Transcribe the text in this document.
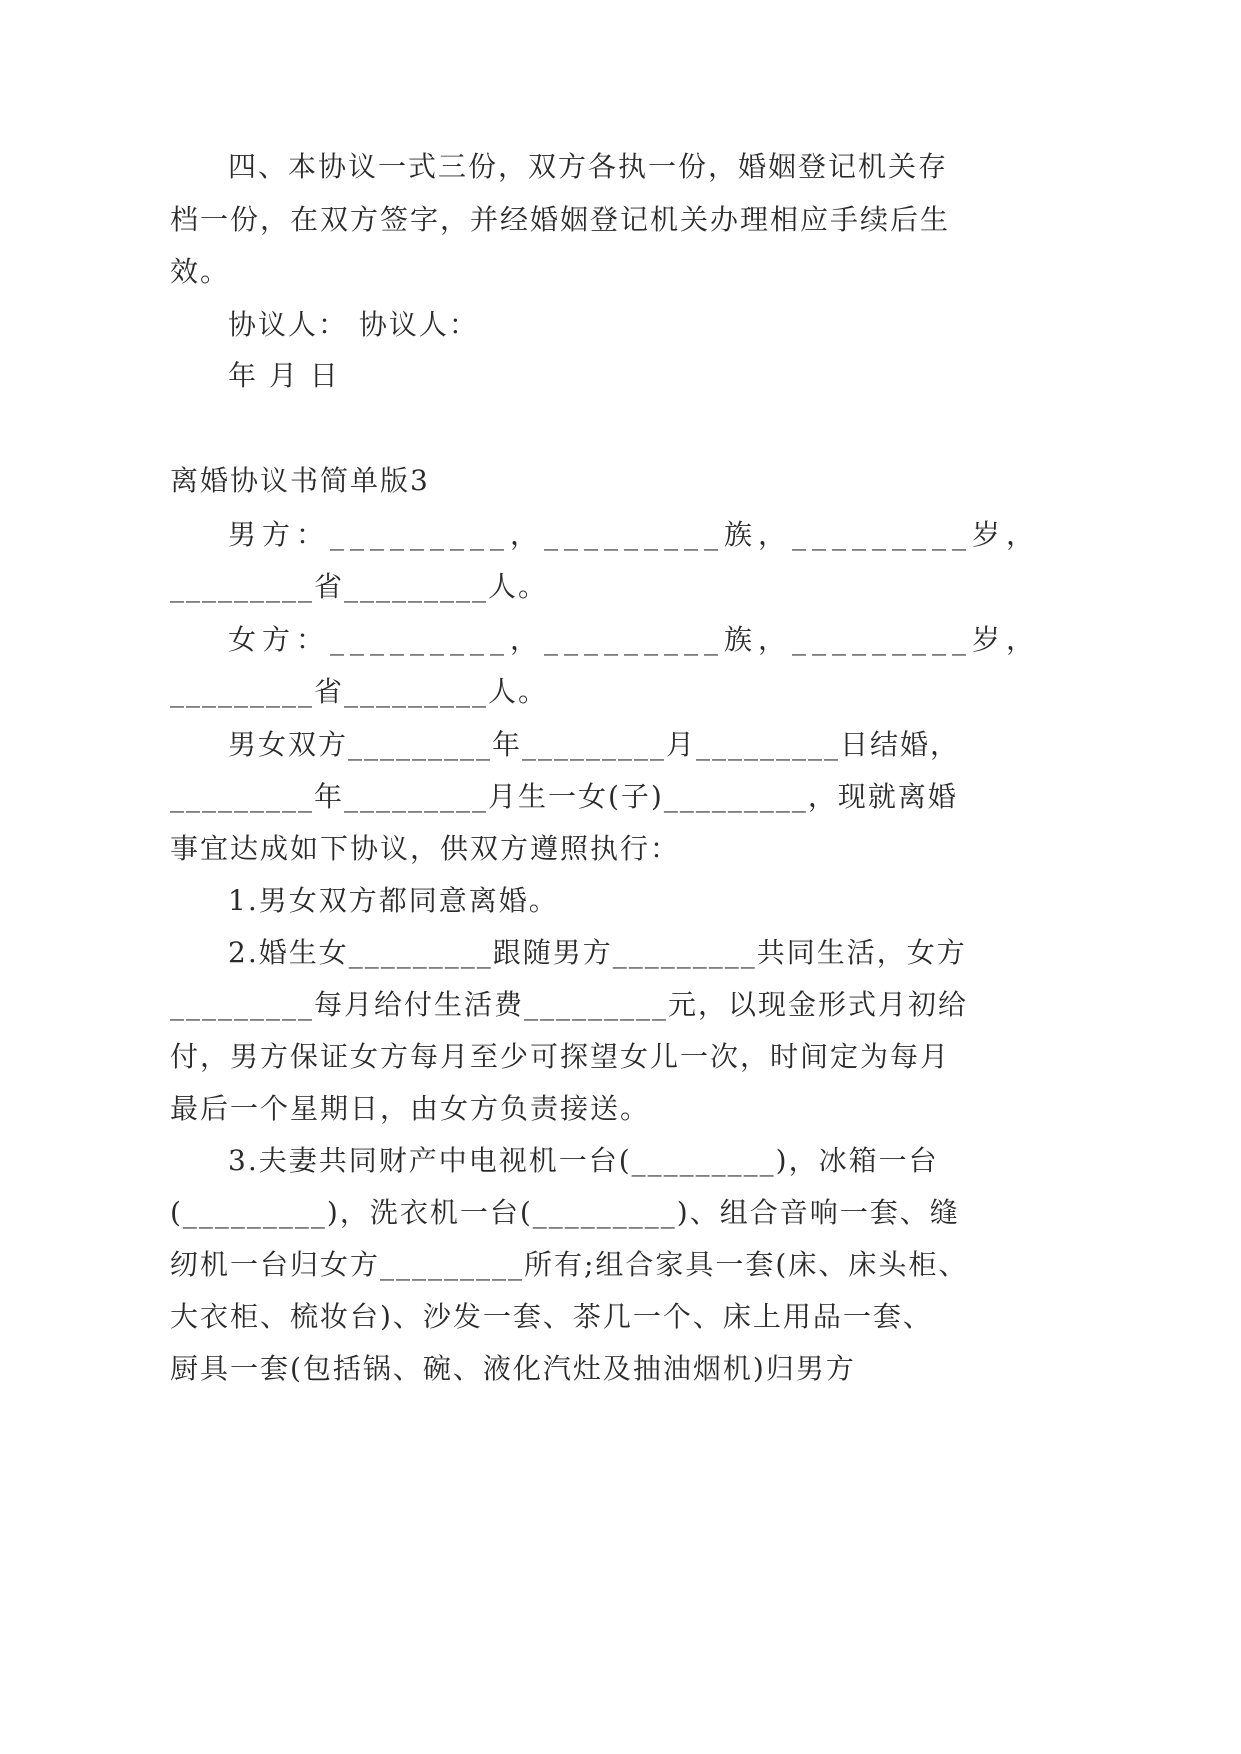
四、本协议一式三份，双方各执一份，婚姻登记机关存
档一份，在双方签字，并经婚姻登记机关办理相应手续后生
效。
协议人： 协议人：
年 月 日
离婚协议书简单版3
男方：_________，_________族，_________岁，
_________省_________人。
女方：_________，_________族，_________岁，
_________省_________人。
男女双方_________年_________月_________日结婚，
_________年_________月生一女(子)_________，现就离婚
事宜达成如下协议，供双方遵照执行：
1.男女双方都同意离婚。
2.婚生女_________跟随男方_________共同生活，女方
_________每月给付生活费_________元，以现金形式月初给
付，男方保证女方每月至少可探望女儿一次，时间定为每月
最后一个星期日，由女方负责接送。
3.夫妻共同财产中电视机一台(_________)，冰箱一台
(_________)，洗衣机一台(_________)、组合音响一套、缝
纫机一台归女方_________所有;组合家具一套(床、床头柜、
大衣柜、梳妆台)、沙发一套、茶几一个、床上用品一套、
厨具一套(包括锅、碗、液化汽灶及抽油烟机)归男方
